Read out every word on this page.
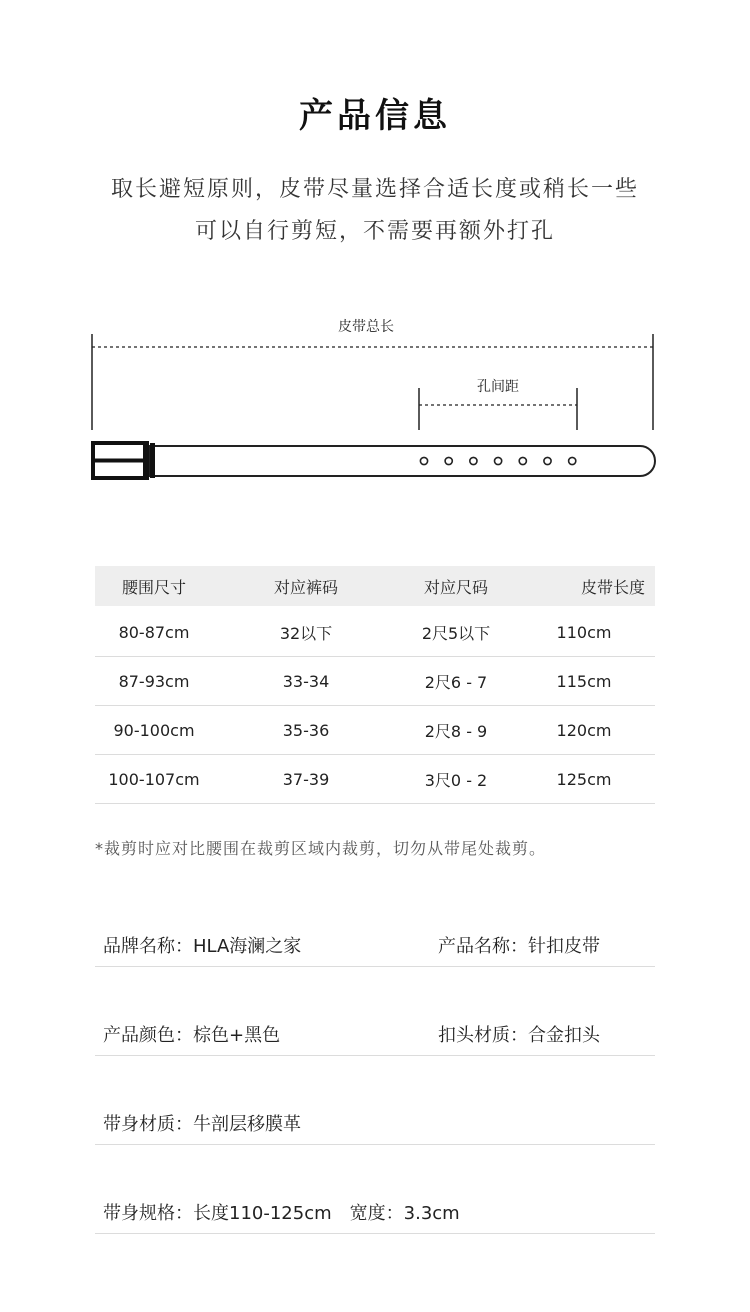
产品信息
取长避短原则，皮带尽量选择合适长度或稍长一些
可以自行剪短，不需要再额外打孔
皮带总长
孔间距
腰围尺寸	对应裤码	对应尺码	皮带长度
80-87cm	32以下	2尺5以下	110cm
87-93cm	33-34	2尺6 - 7	115cm
90-100cm	35-36	2尺8 - 9	120cm
100-107cm	37-39	3尺0 - 2	125cm
*裁剪时应对比腰围在裁剪区域内裁剪，切勿从带尾处裁剪。
品牌名称：HLA海澜之家	产品名称：针扣皮带
产品颜色：棕色+黑色	扣头材质：合金扣头
带身材质：牛剖层移膜革
带身规格：长度110-125cm 宽度：3.3cm
